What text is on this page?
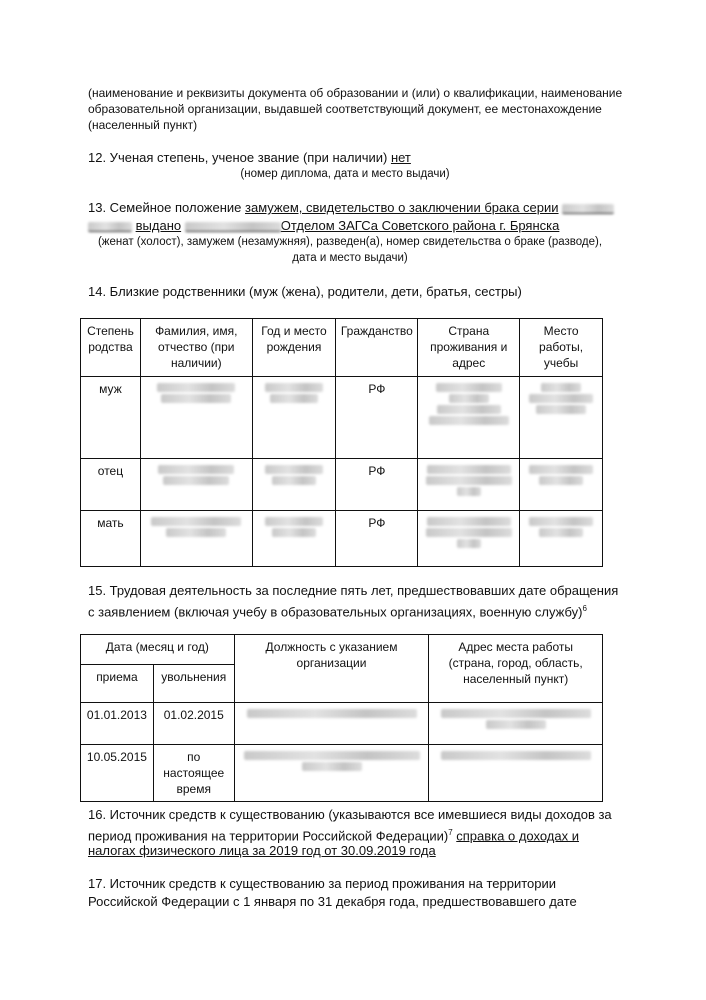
(наименование и реквизиты документа об образовании и (или) о квалификации, наименование
образовательной организации, выдавшей соответствующий документ, ее местонахождение
(населенный пункт)
12. Ученая степень, ученое звание (при наличии) нет
(номер диплома, дата и место выдачи)
13. Семейное положение замужем, свидетельство о заключении брака серии
выдано	Отделом ЗАГСа Советского района г. Брянска
(женат (холост), замужем (незамужняя), разведен(а), номер свидетельства о браке (разводе),
дата и место выдачи)
14. Близкие родственники (муж (жена), родители, дети, братья, сестры)
Степень родства	Фамилия, имя, отчество (при наличии)	Год и место рождения	Гражданство	Страна проживания и адрес	Место работы, учебы
муж			РФ	

отец			РФ	

мать			РФ	

15. Трудовая деятельность за последние пять лет, предшествовавших дате обращения
с заявлением (включая учебу в образовательных организациях, военную службу)$^6$
Дата (месяц и год)		Должность с указанием организации	Адрес места работы (страна, город, область, населенный пункт)
приема	увольнения		
01.01.2013	01.02.2015	

10.05.2015	по настоящее время	

16. Источник средств к существованию (указываются все имевшиеся виды доходов за
период проживания на территории Российской Федерации)$^7$ справка о доходах и
налогах физического лица за 2019 год от 30.09.2019 года
17. Источник средств к существованию за период проживания на территории
Российской Федерации с 1 января по 31 декабря года, предшествовавшего дате
